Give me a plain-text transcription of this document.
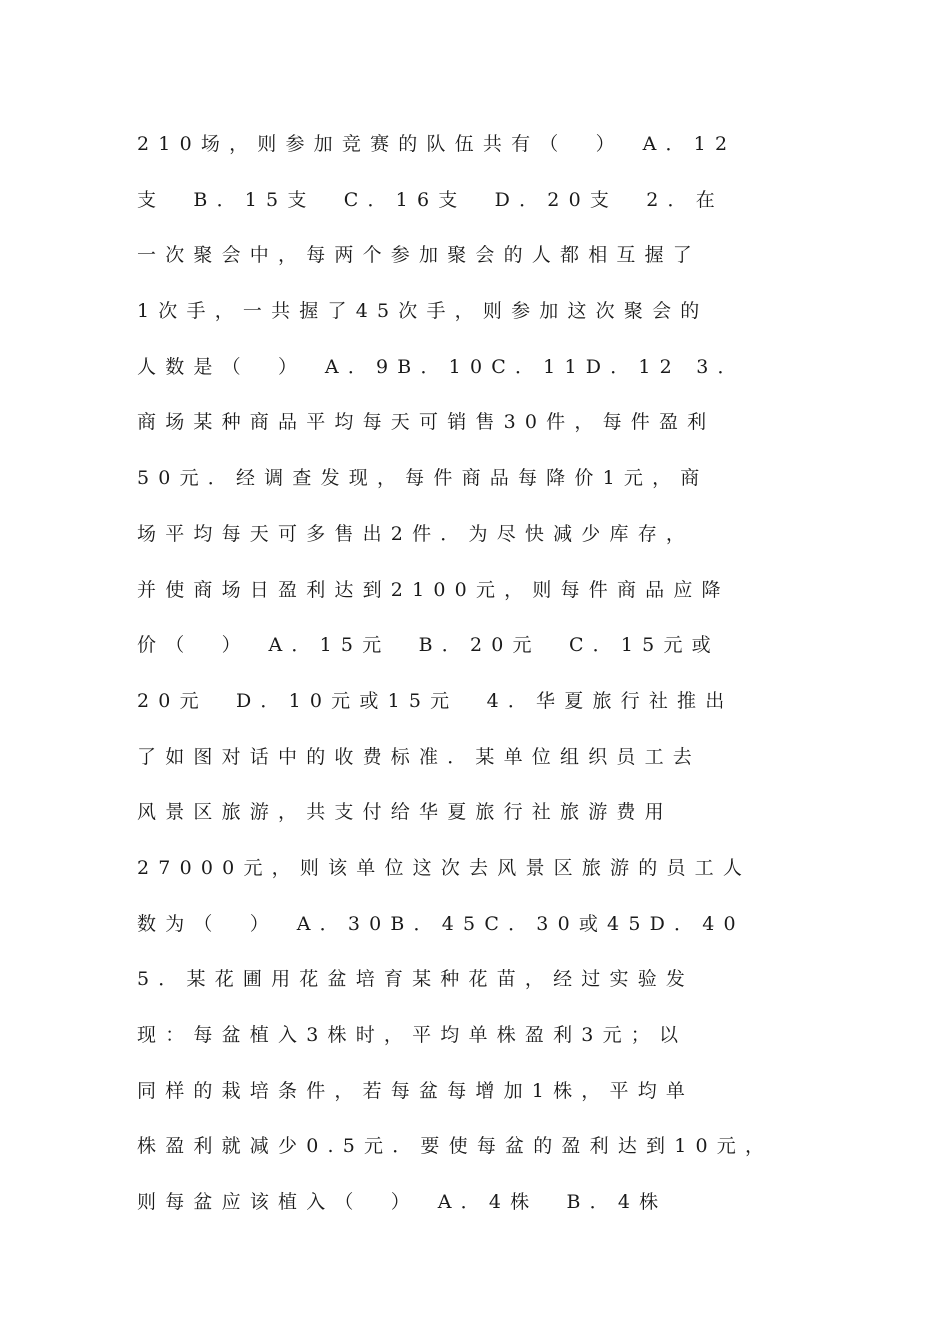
210场，则参加竞赛的队伍共有（　）　A．12
支　B．15支　C．16支　D．20支　2．在
一次聚会中，每两个参加聚会的人都相互握了
1次手，一共握了45次手，则参加这次聚会的
人数是（　）　A．9B．10C．11D．12 3．
商场某种商品平均每天可销售30件，每件盈利
50元．经调查发现，每件商品每降价1元，商
场平均每天可多售出2件．为尽快减少库存，
并使商场日盈利达到2100元，则每件商品应降
价（　）　A．15元　B．20元　C．15元或
20元　D．10元或15元　4．华夏旅行社推出
了如图对话中的收费标准．某单位组织员工去
风景区旅游，共支付给华夏旅行社旅游费用
27000元，则该单位这次去风景区旅游的员工人
数为（　）　A．30B．45C．30或45D．40
5．某花圃用花盆培育某种花苗，经过实验发
现：每盆植入3株时，平均单株盈利3元；以
同样的栽培条件，若每盆每增加1株，平均单
株盈利就减少0.5元．要使每盆的盈利达到10元，
则每盆应该植入（　）　A．4株　B．4株
